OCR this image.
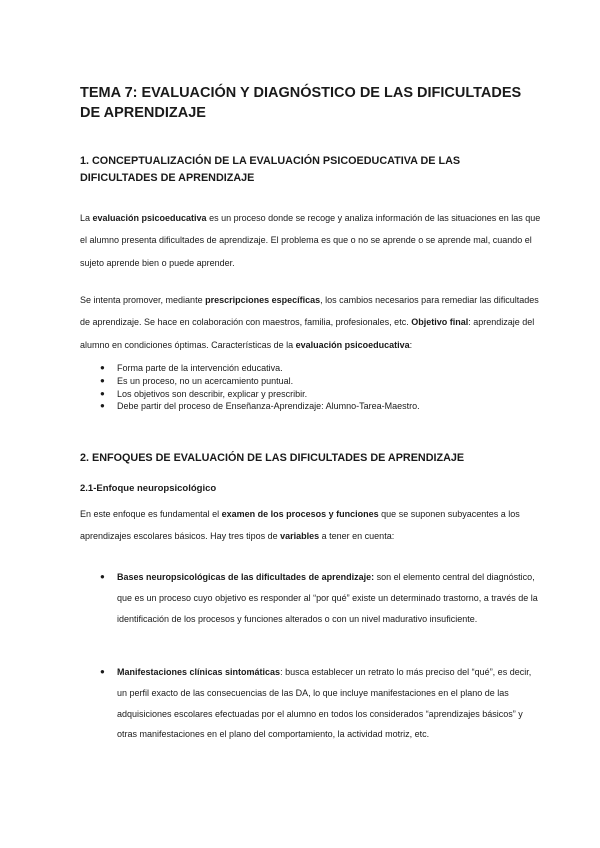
TEMA 7: EVALUACIÓN Y DIAGNÓSTICO DE LAS DIFICULTADES DE APRENDIZAJE
1. CONCEPTUALIZACIÓN DE LA EVALUACIÓN PSICOEDUCATIVA DE LAS DIFICULTADES DE APRENDIZAJE

La evaluación psicoeducativa es un proceso donde se recoge y analiza información de las situaciones en las que el alumno presenta dificultades de aprendizaje. El problema es que o no se aprende o se aprende mal, cuando el sujeto aprende bien o puede aprender.

Se intenta promover, mediante prescripciones específicas, los cambios necesarios para remediar las dificultades de aprendizaje. Se hace en colaboración con maestros, familia, profesionales, etc. Objetivo final: aprendizaje del alumno en condiciones óptimas. Características de la evaluación psicoeducativa:

● Forma parte de la intervención educativa.
● Es un proceso, no un acercamiento puntual.
● Los objetivos son describir, explicar y prescribir.
● Debe partir del proceso de Enseñanza-Aprendizaje: Alumno-Tarea-Maestro.
2. ENFOQUES DE EVALUACIÓN DE LAS DIFICULTADES DE APRENDIZAJE
2.1-Enfoque neuropsicológico

En este enfoque es fundamental el examen de los procesos y funciones que se suponen subyacentes a los aprendizajes escolares básicos. Hay tres tipos de variables a tener en cuenta:

● Bases neuropsicológicas de las dificultades de aprendizaje: son el elemento central del diagnóstico, que es un proceso cuyo objetivo es responder al “por qué” existe un determinado trastorno, a través de la identificación de los procesos y funciones alterados o con un nivel madurativo insuficiente.
● Manifestaciones clínicas sintomáticas: busca establecer un retrato lo más preciso del “qué”, es decir, un perfil exacto de las consecuencias de las DA, lo que incluye manifestaciones en el plano de las adquisiciones escolares efectuadas por el alumno en todos los considerados “aprendizajes básicos” y otras manifestaciones en el plano del comportamiento, la actividad motriz, etc.
